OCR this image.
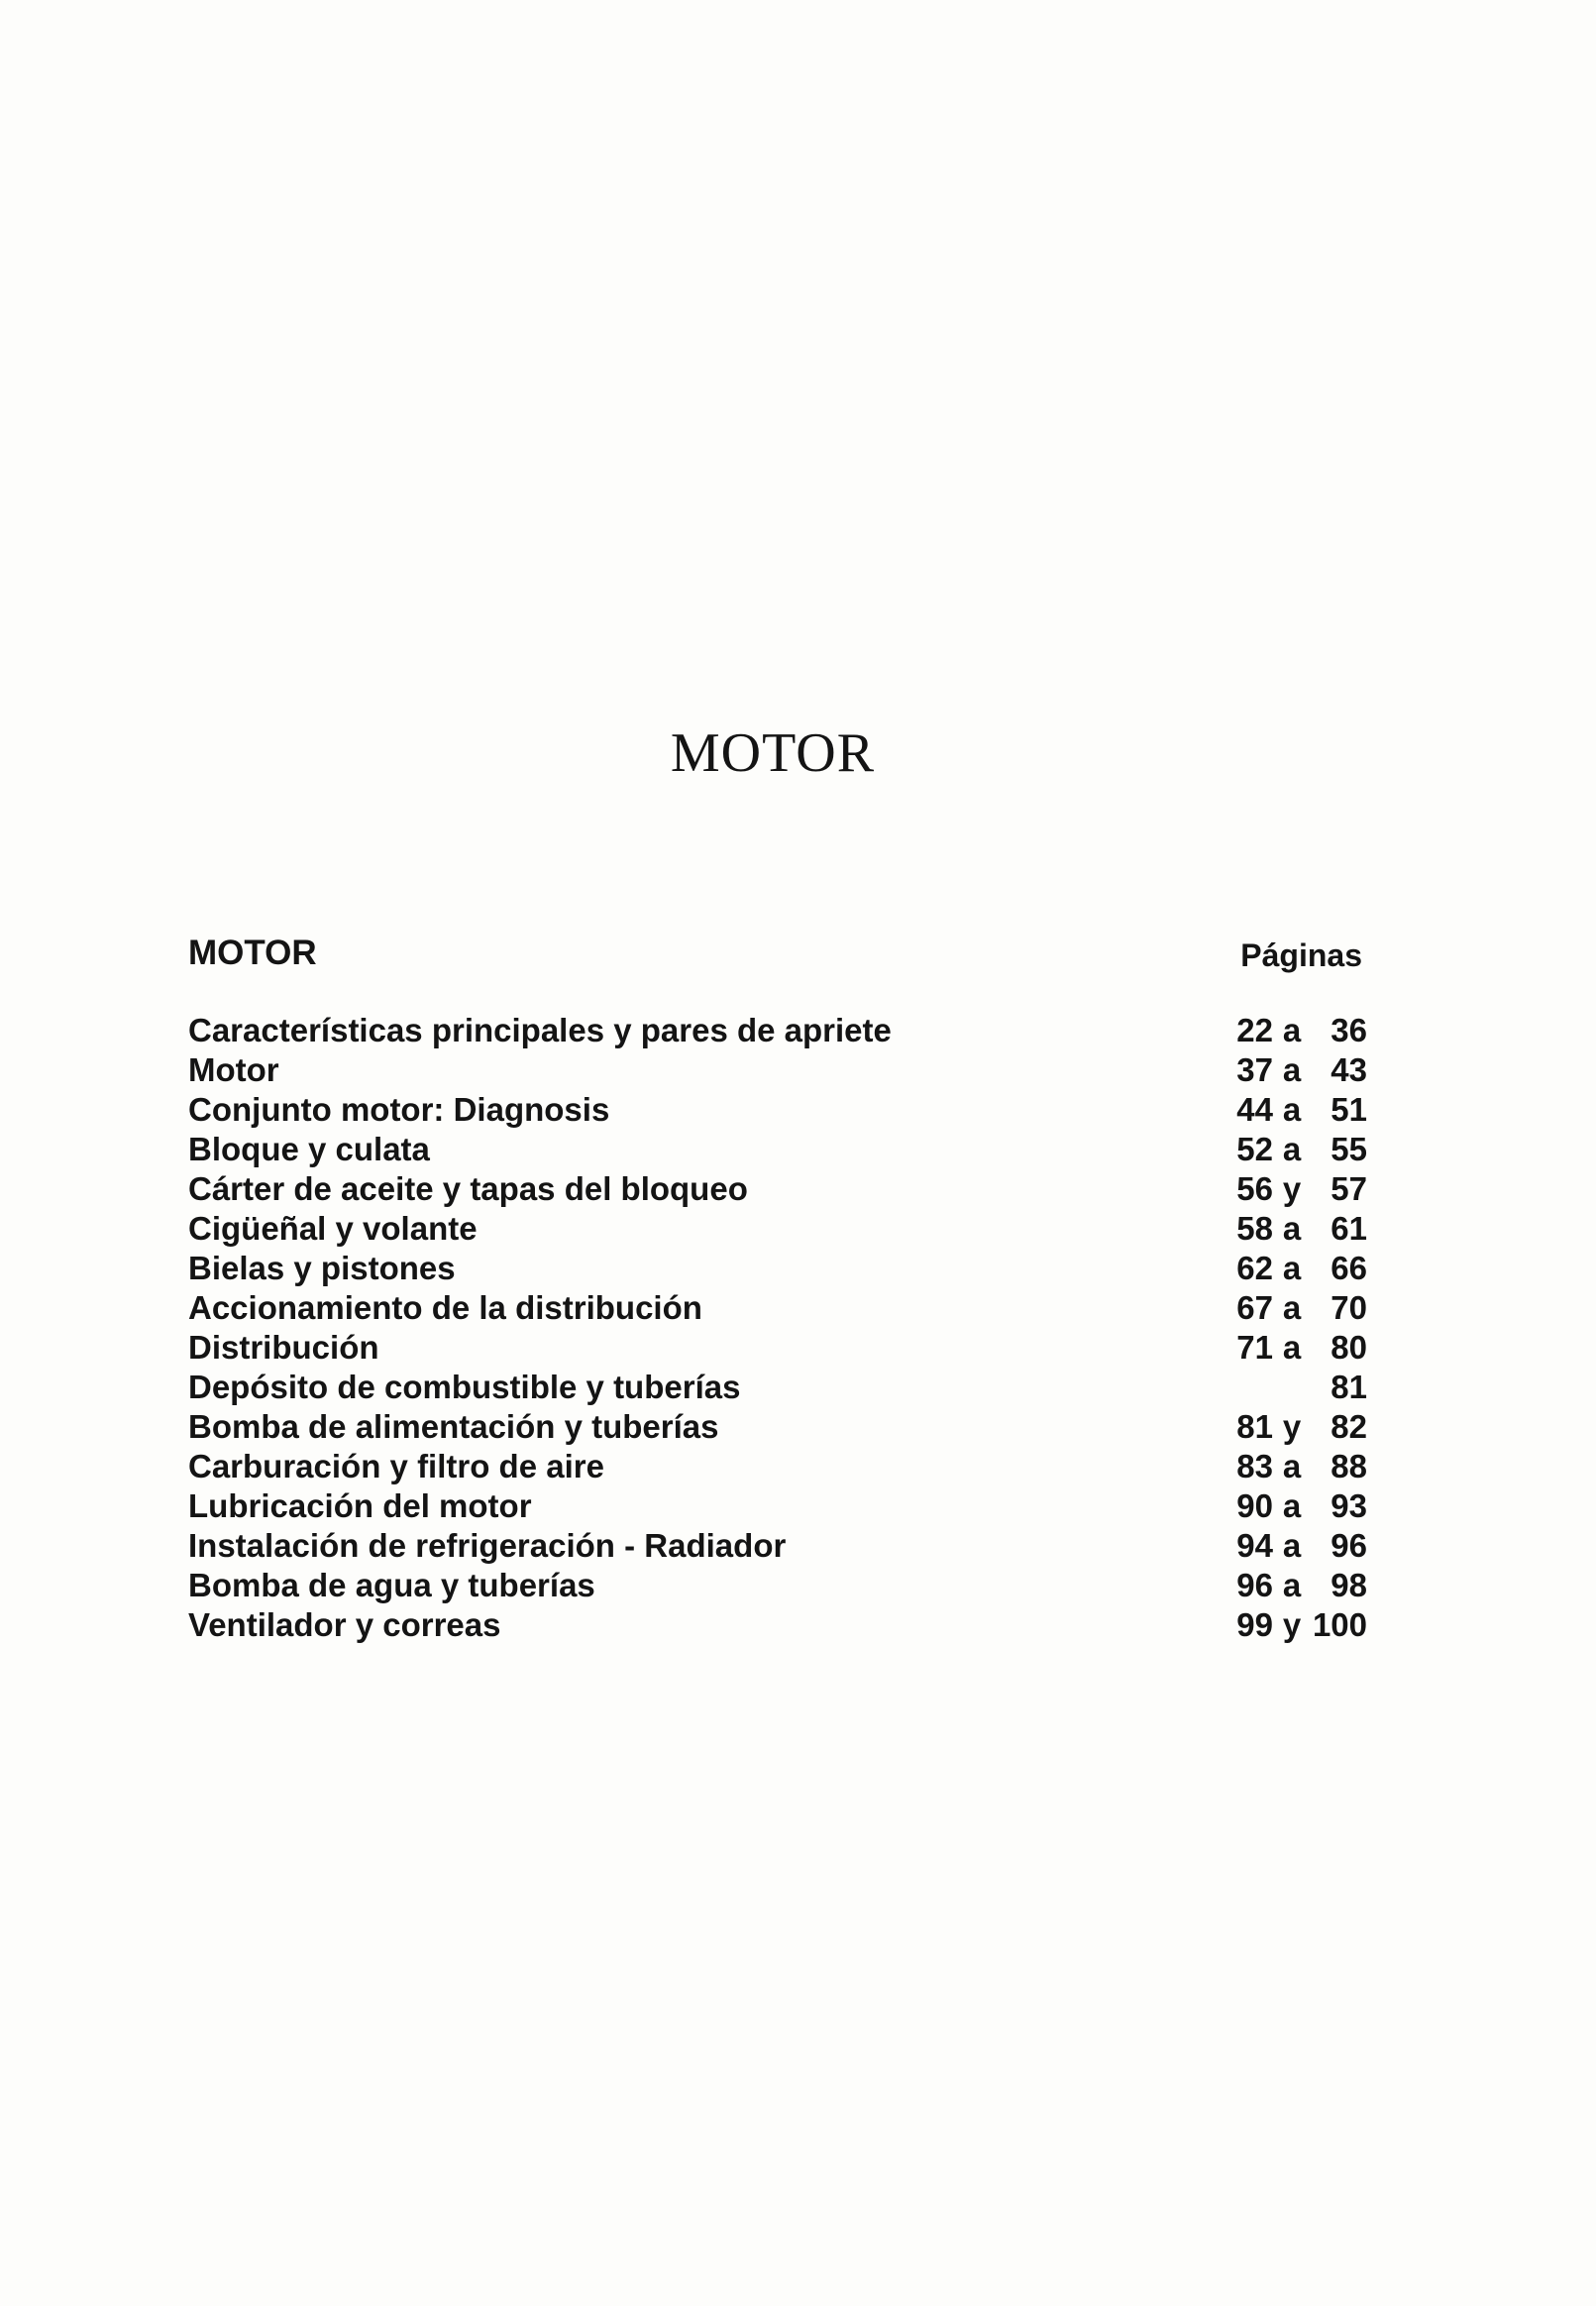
MOTOR
MOTOR	Páginas
Características principales y pares de apriete	22 a 36
Motor	37 a 43
Conjunto motor: Diagnosis	44 a 51
Bloque y culata	52 a 55
Cárter de aceite y tapas del bloqueo	56 y 57
Cigüeñal y volante	58 a 61
Bielas y pistones	62 a 66
Accionamiento de la distribución	67 a 70
Distribución	71 a 80
Depósito de combustible y tuberías	81
Bomba de alimentación y tuberías	81 y 82
Carburación y filtro de aire	83 a 88
Lubricación del motor	90 a 93
Instalación de refrigeración - Radiador	94 a 96
Bomba de agua y tuberías	96 a 98
Ventilador y correas	99 y 100
